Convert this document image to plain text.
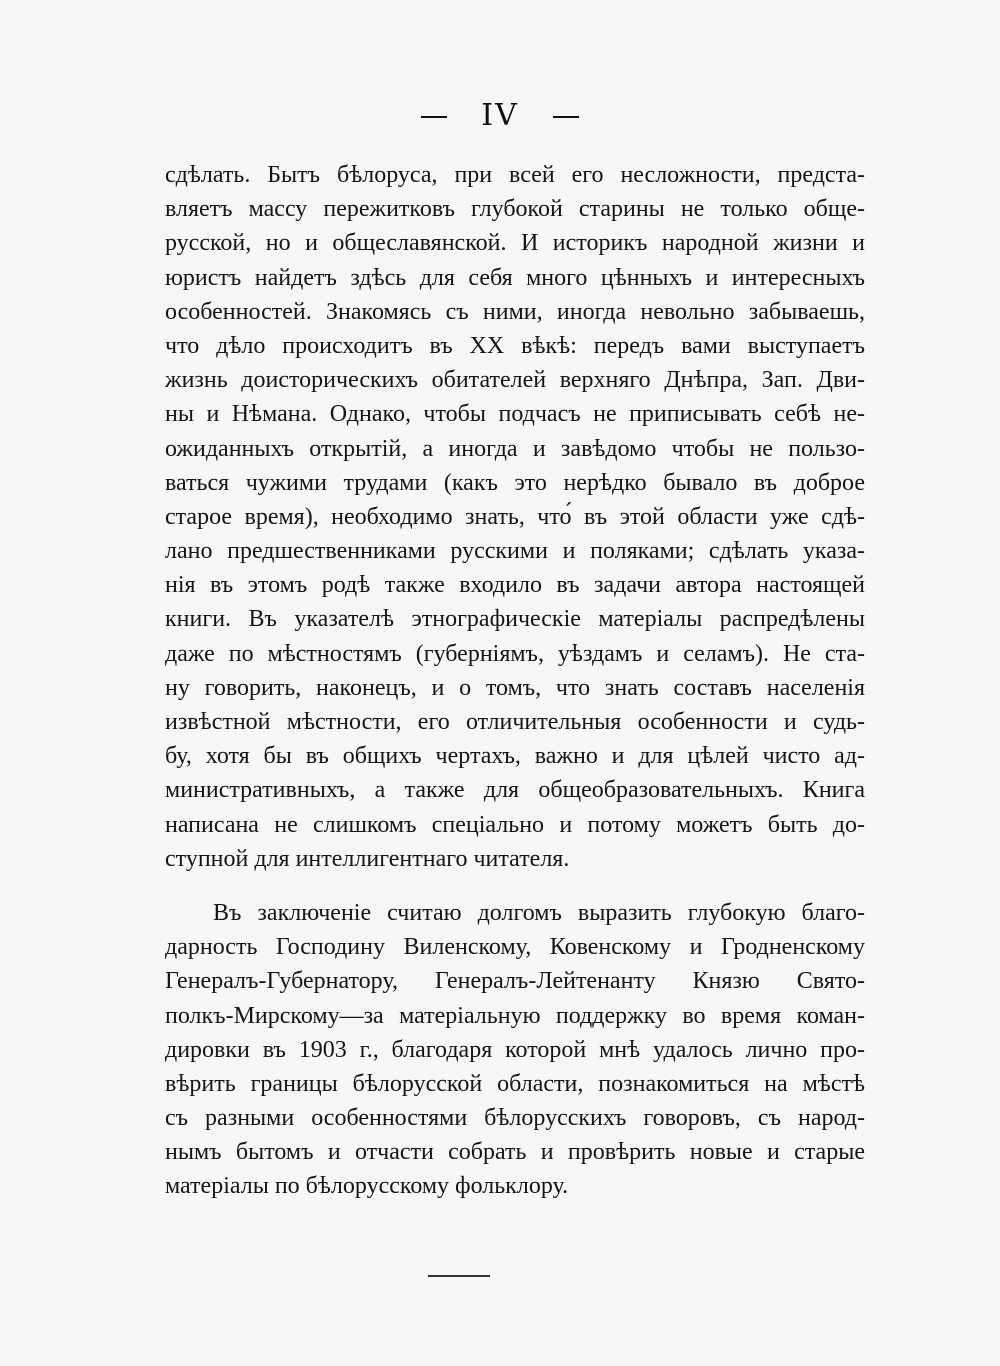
IV
сдѣлать. Бытъ бѣлоруса, при всей его несложности, предста-
вляетъ массу пережитковъ глубокой старины не только обще-
русской, но и общеславянской. И историкъ народной жизни и
юристъ найдетъ здѣсь для себя много цѣнныхъ и интересныхъ
особенностей. Знакомясь съ ними, иногда невольно забываешь,
что дѣло происходитъ въ XX вѣкѣ: передъ вами выступаетъ
жизнь доисторическихъ обитателей верхняго Днѣпра, Зап. Дви-
ны и Нѣмана. Однако, чтобы подчасъ не приписывать себѣ не-
ожиданныхъ открытій, а иногда и завѣдомо чтобы не пользо-
ваться чужими трудами (какъ это нерѣдко бывало въ доброе
старое время), необходимо знать, что́ въ этой области уже сдѣ-
лано предшественниками русскими и поляками; сдѣлать указа-
нія въ этомъ родѣ также входило въ задачи автора настоящей
книги. Въ указателѣ этнографическіе матеріалы распредѣлены
даже по мѣстностямъ (губерніямъ, уѣздамъ и селамъ). Не ста-
ну говорить, наконецъ, и о томъ, что знать составъ населенія
извѣстной мѣстности, его отличительныя особенности и судь-
бу, хотя бы въ общихъ чертахъ, важно и для цѣлей чисто ад-
министративныхъ, а также для общеобразовательныхъ. Книга
написана не слишкомъ спеціально и потому можетъ быть до-
ступной для интеллигентнаго читателя.
Въ заключеніе считаю долгомъ выразить глубокую благо-
дарность Господину Виленскому, Ковенскому и Гродненскому
Генералъ-Губернатору, Генералъ-Лейтенанту Князю Свято-
полкъ-Мирскому—за матеріальную поддержку во время коман-
дировки въ 1903 г., благодаря которой мнѣ удалось лично про-
вѣрить границы бѣлорусской области, познакомиться на мѣстѣ
съ разными особенностями бѣлорусскихъ говоровъ, съ народ-
нымъ бытомъ и отчасти собрать и провѣрить новые и старые
матеріалы по бѣлорусскому фольклору.
